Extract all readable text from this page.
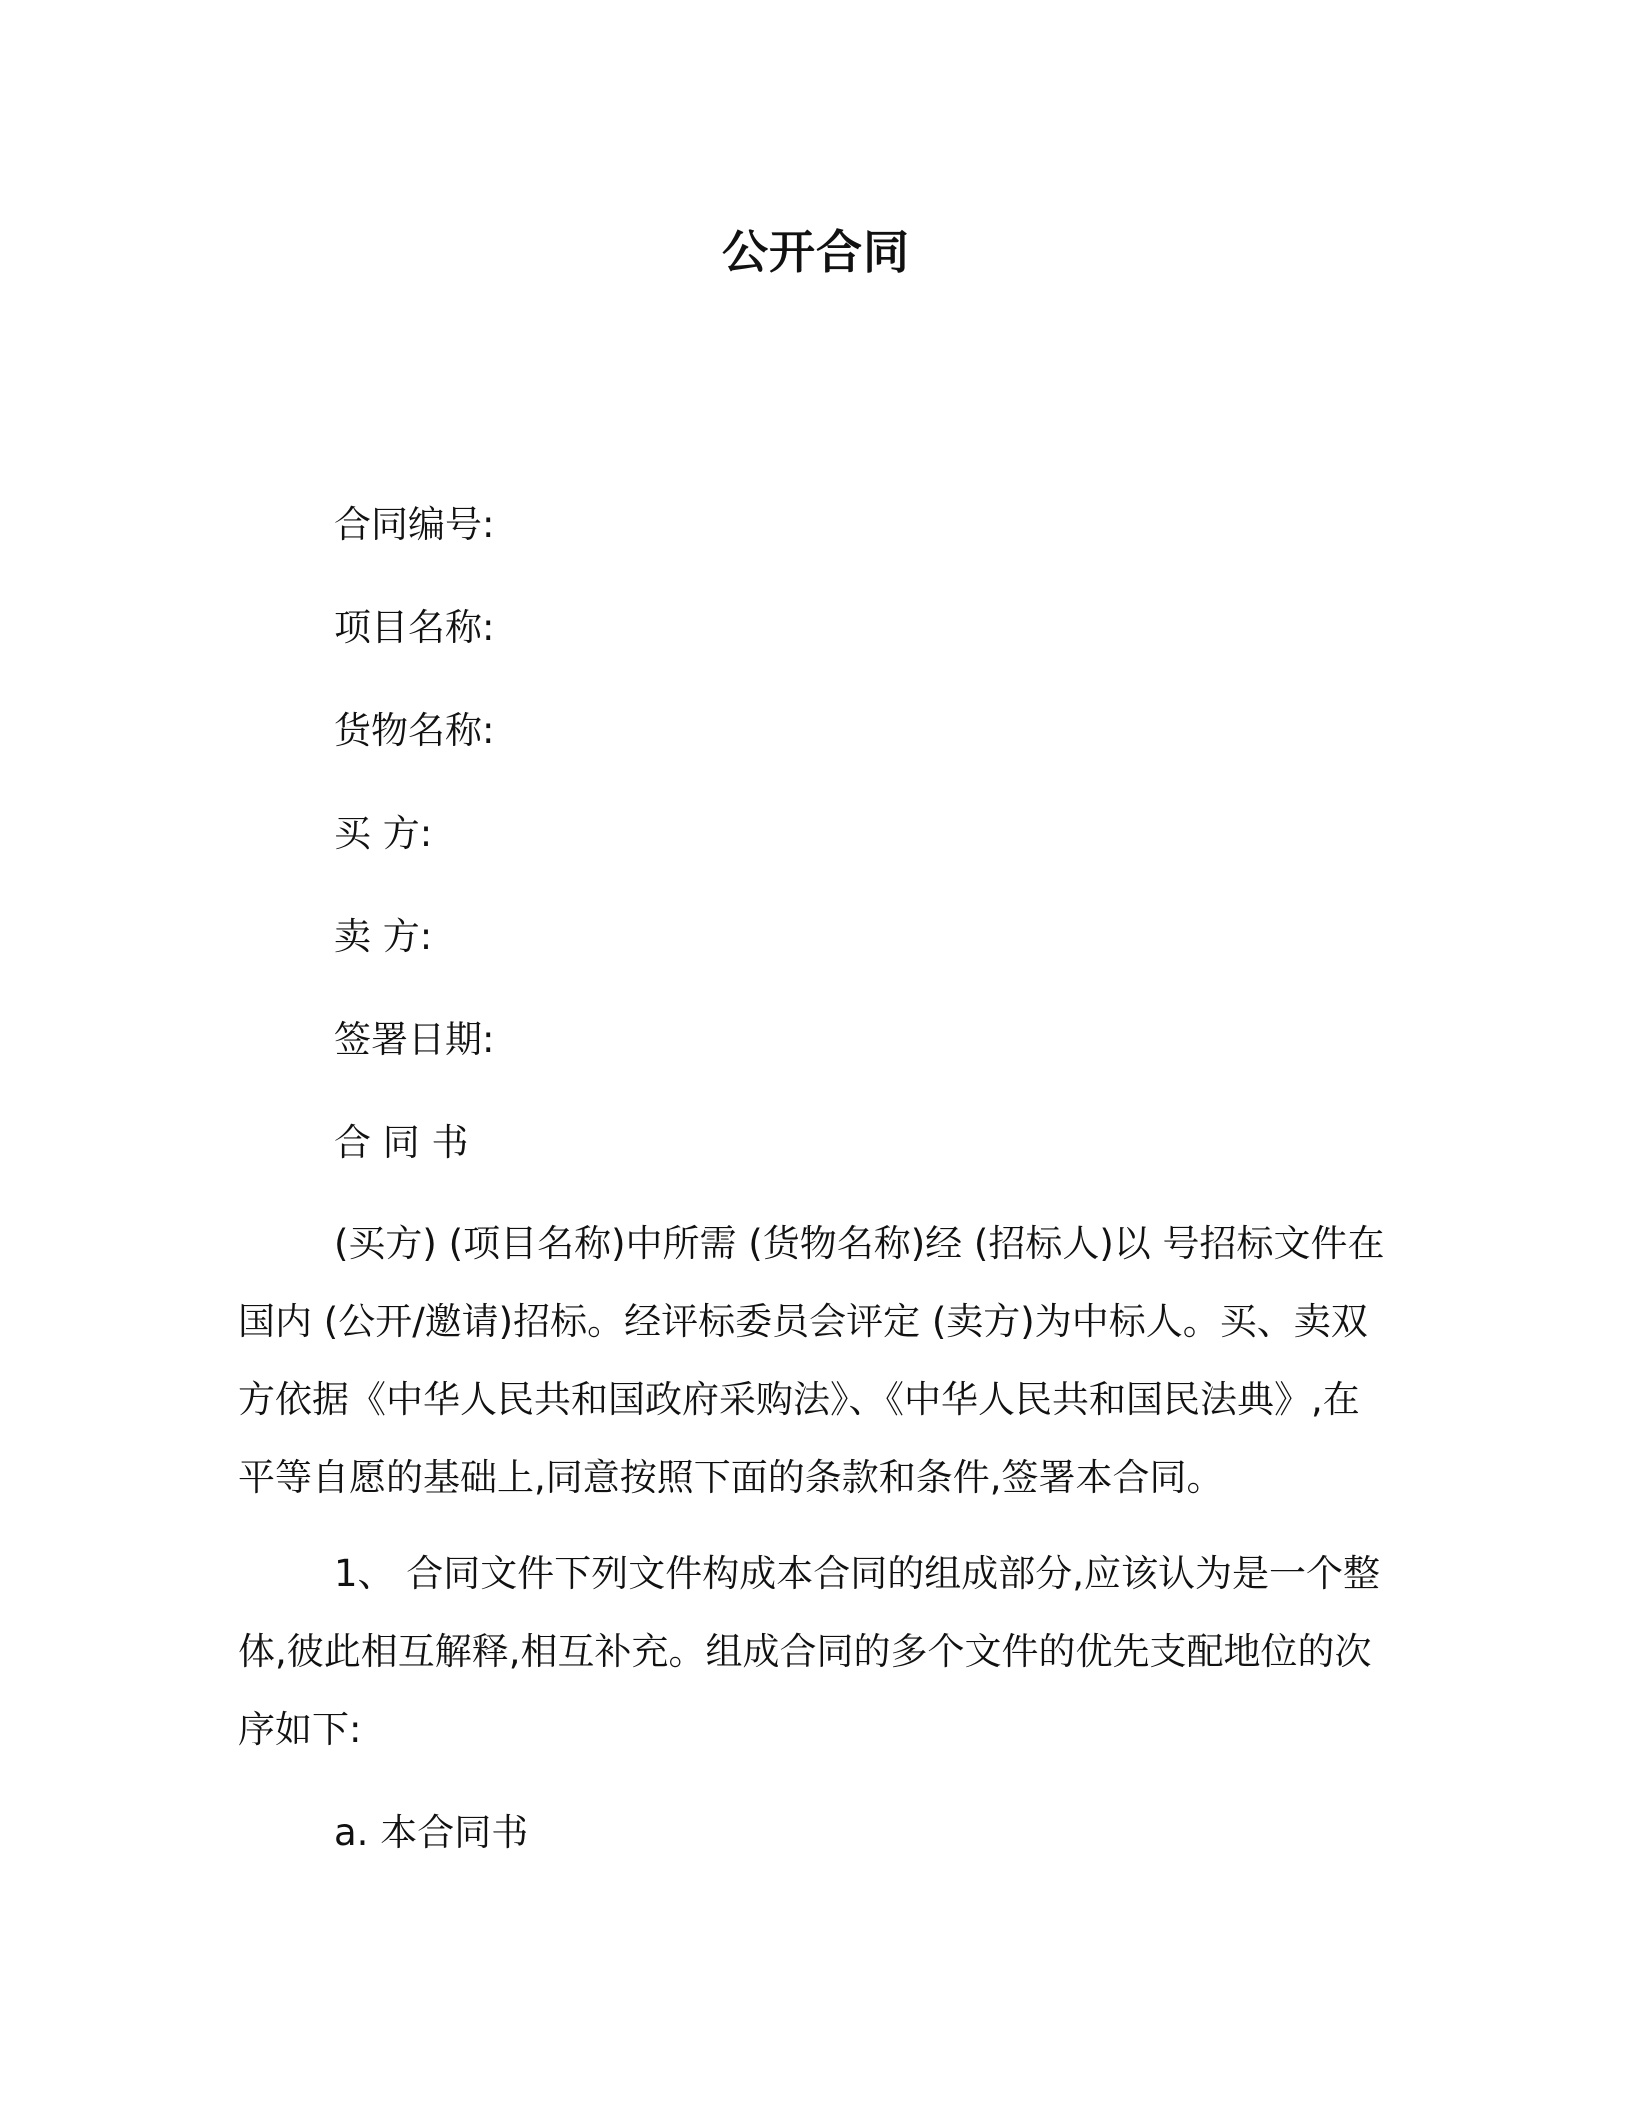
公开合同
合同编号:
项目名称:
货物名称:
买 方:
卖 方:
签署日期:
合 同 书
(买方) (项目名称)中所需 (货物名称)经 (招标人)以 号招标文件在国内 (公开/邀请)招标。经评标委员会评定 (卖方)为中标人。买、卖双方依据《中华人民共和国政府采购法》、《中华人民共和国民法典》,在平等自愿的基础上,同意按照下面的条款和条件,签署本合同。
1、 合同文件下列文件构成本合同的组成部分,应该认为是一个整体,彼此相互解释,相互补充。组成合同的多个文件的优先支配地位的次序如下:
a. 本合同书
